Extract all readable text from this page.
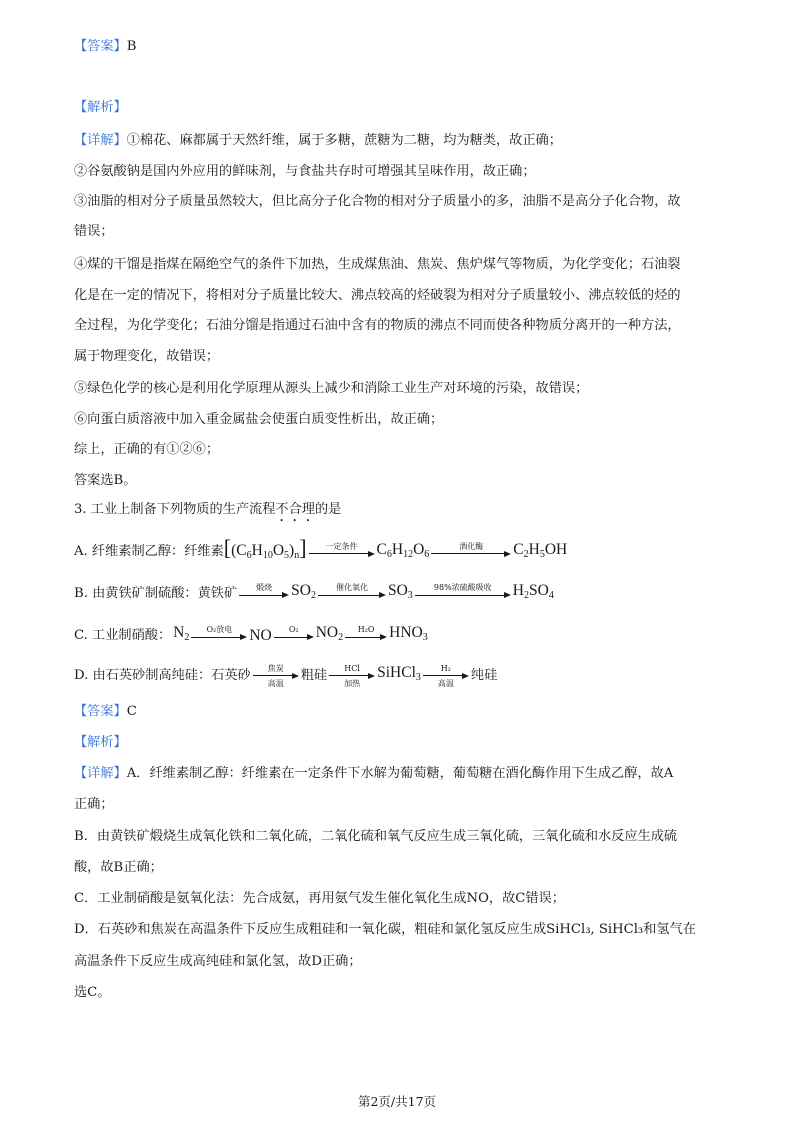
【答案】B
【解析】
【详解】①棉花、麻都属于天然纤维，属于多糖，蔗糖为二糖，均为糖类，故正确；
②谷氨酸钠是国内外应用的鲜味剂，与食盐共存时可增强其呈味作用，故正确；
③油脂的相对分子质量虽然较大，但比高分子化合物的相对分子质量小的多，油脂不是高分子化合物，故
错误；
④煤的干馏是指煤在隔绝空气的条件下加热，生成煤焦油、焦炭、焦炉煤气等物质，为化学变化；石油裂
化是在一定的情况下，将相对分子质量比较大、沸点较高的烃破裂为相对分子质量较小、沸点较低的烃的
全过程，为化学变化；石油分馏是指通过石油中含有的物质的沸点不同而使各种物质分离开的一种方法，
属于物理变化，故错误；
⑤绿色化学的核心是利用化学原理从源头上减少和消除工业生产对环境的污染，故错误；
⑥向蛋白质溶液中加入重金属盐会使蛋白质变性析出，故正确；
综上，正确的有①②⑥；
答案选B。
3. 工业上制备下列物质的生产流程不合理的是
A. 纤维素制乙醇：纤维素 $[(C_6H_{10}O_5)_n]$ 一定条件 $C_6H_{12}O_6$
酒化酶 $C_2H_5OH$
B. 由黄铁矿制硫酸：黄铁矿 煅烧 $SO_2$
催化氧化 $SO_3$
98%浓硫酸吸收 $H_2SO_4$
C. 工业制硝酸： $N_2$
O₂放电 NO O₂ $NO_2$
H₂O $HNO_3$
D. 由石英砂制高纯硅：石英砂 焦炭
高温
粗硅 HCl
加热
SiHCl$_3$
H₂
高温
纯硅
【答案】C
【解析】
【详解】A．纤维素制乙醇：纤维素在一定条件下水解为葡萄糖，葡萄糖在酒化酶作用下生成乙醇，故A
正确；
B．由黄铁矿煅烧生成氧化铁和二氧化硫，二氧化硫和氧气反应生成三氧化硫，三氧化硫和水反应生成硫
酸，故B正确；
C．工业制硝酸是氨氧化法：先合成氨，再用氨气发生催化氧化生成NO，故C错误；
D．石英砂和焦炭在高温条件下反应生成粗硅和一氧化碳，粗硅和氯化氢反应生成SiHCl₃, SiHCl₃和氢气在
高温条件下反应生成高纯硅和氯化氢，故D正确；
选C。
第2页/共17页
